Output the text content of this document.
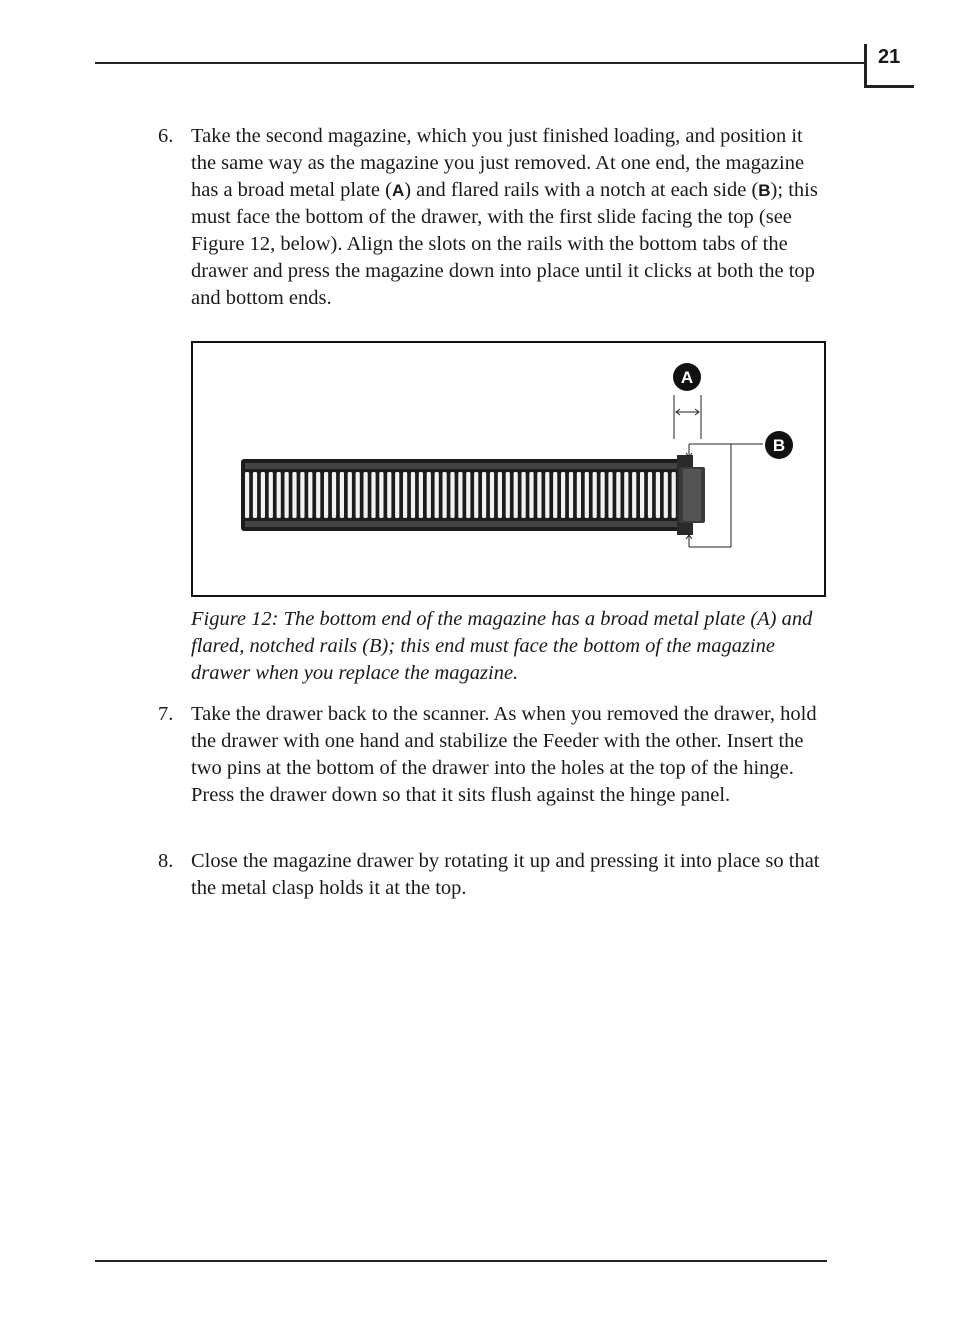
21
6. Take the second magazine, which you just finished loading, and position it the same way as the magazine you just removed. At one end, the magazine has a broad metal plate (A) and flared rails with a notch at each side (B); this must face the bottom of the drawer, with the first slide facing the top (see Figure 12, below). Align the slots on the rails with the bottom tabs of the drawer and press the magazine down into place until it clicks at both the top and bottom ends.
A
B
Figure 12: The bottom end of the magazine has a broad metal plate (A) and flared, notched rails (B); this end must face the bottom of the magazine drawer when you replace the magazine.
7. Take the drawer back to the scanner. As when you removed the drawer, hold the drawer with one hand and stabilize the Feeder with the other. Insert the two pins at the bottom of the drawer into the holes at the top of the hinge. Press the drawer down so that it sits flush against the hinge panel.
8. Close the magazine drawer by rotating it up and pressing it into place so that the metal clasp holds it at the top.
